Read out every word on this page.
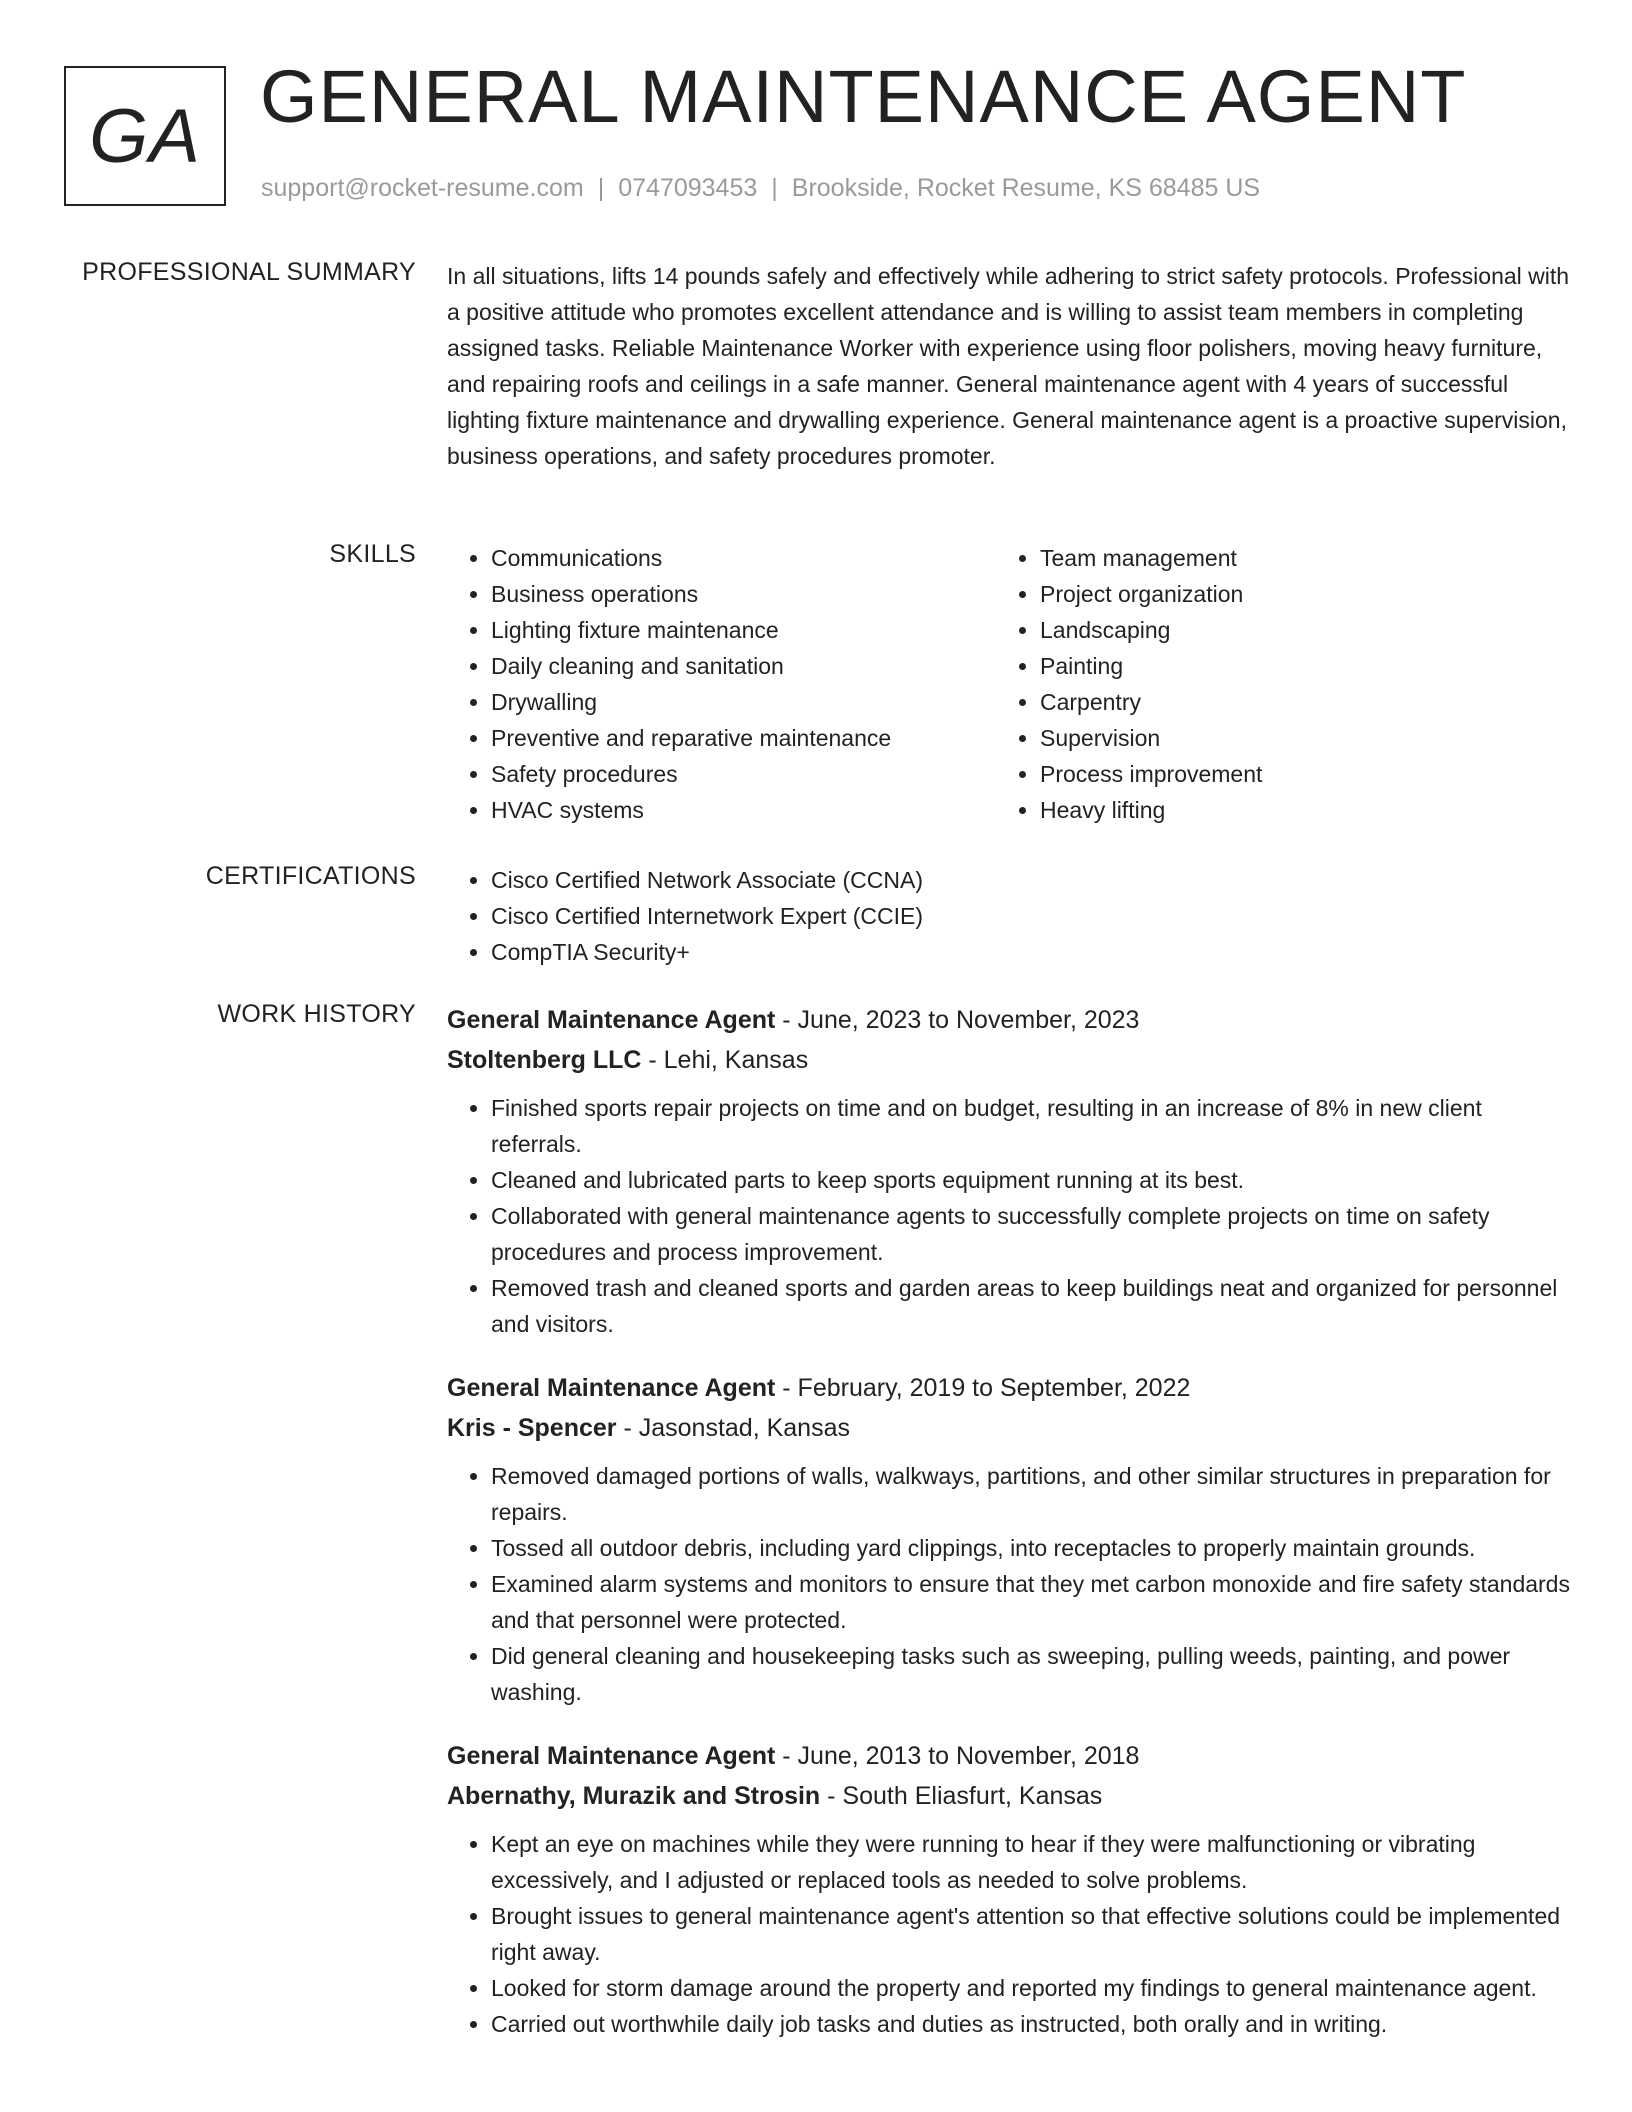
GA GENERAL MAINTENANCE AGENT
support@rocket-resume.com | 0747093453 | Brookside, Rocket Resume, KS 68485 US
PROFESSIONAL SUMMARY In all situations, lifts 14 pounds safely and effectively while adhering to strict safety protocols. Professional with a positive attitude who promotes excellent attendance and is willing to assist team members in completing assigned tasks. Reliable Maintenance Worker with experience using floor polishers, moving heavy furniture, and repairing roofs and ceilings in a safe manner. General maintenance agent with 4 years of successful lighting fixture maintenance and drywalling experience. General maintenance agent is a proactive supervision, business operations, and safety procedures promoter.

SKILLS	• Communications
• Business operations
• Lighting fixture maintenance
• Daily cleaning and sanitation
• Drywalling
• Preventive and reparative maintenance
• Safety procedures
• HVAC systems
• Team management
• Project organization
• Landscaping
• Painting
• Carpentry
• Supervision
• Process improvement
• Heavy lifting
CERTIFICATIONS	• Cisco Certified Network Associate (CCNA)
• Cisco Certified Internetwork Expert (CCIE)
• CompTIA Security+
WORK HISTORY General Maintenance Agent - June, 2023 to November, 2023
Stoltenberg LLC - Lehi, Kansas
• Finished sports repair projects on time and on budget, resulting in an increase of 8% in new client referrals.
• Cleaned and lubricated parts to keep sports equipment running at its best.
• Collaborated with general maintenance agents to successfully complete projects on time on safety procedures and process improvement.
• Removed trash and cleaned sports and garden areas to keep buildings neat and organized for personnel and visitors.
General Maintenance Agent - February, 2019 to September, 2022
Kris - Spencer - Jasonstad, Kansas
• Removed damaged portions of walls, walkways, partitions, and other similar structures in preparation for repairs.
• Tossed all outdoor debris, including yard clippings, into receptacles to properly maintain grounds.
• Examined alarm systems and monitors to ensure that they met carbon monoxide and fire safety standards and that personnel were protected.
• Did general cleaning and housekeeping tasks such as sweeping, pulling weeds, painting, and power washing.
General Maintenance Agent - June, 2013 to November, 2018
Abernathy, Murazik and Strosin - South Eliasfurt, Kansas
• Kept an eye on machines while they were running to hear if they were malfunctioning or vibrating excessively, and I adjusted or replaced tools as needed to solve problems.
• Brought issues to general maintenance agent's attention so that effective solutions could be implemented right away.
• Looked for storm damage around the property and reported my findings to general maintenance agent.
• Carried out worthwhile daily job tasks and duties as instructed, both orally and in writing.
